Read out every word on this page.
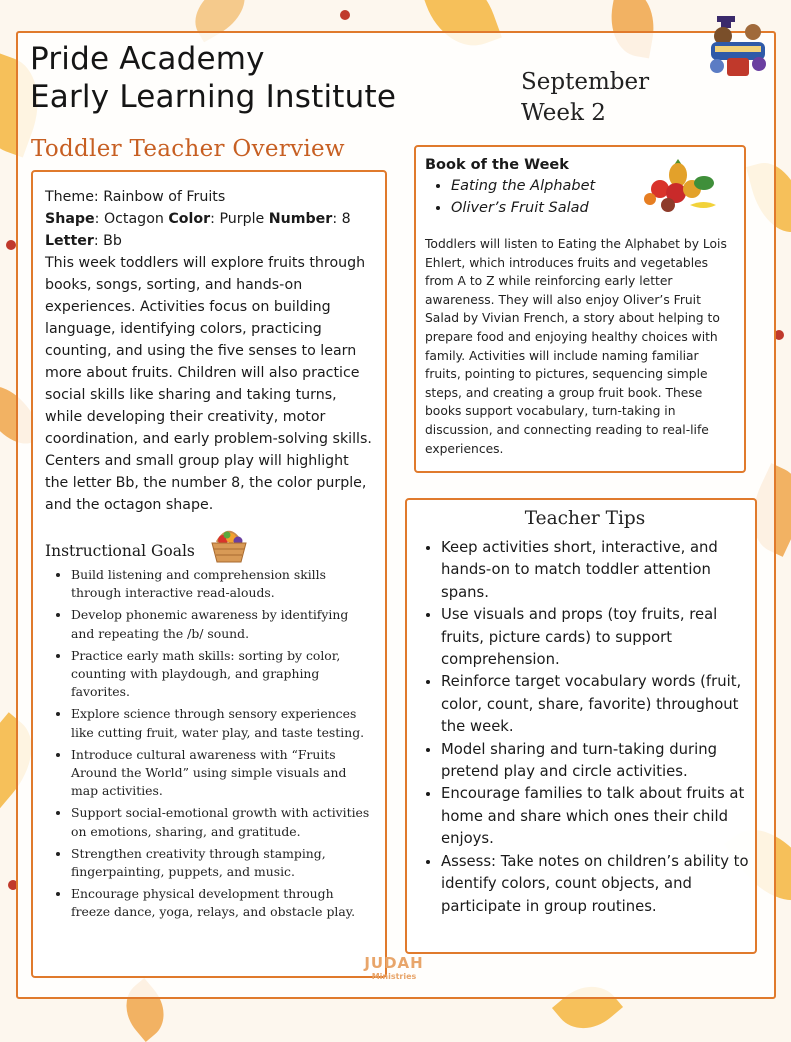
Pride Academy
Early Learning Institute	September
Week 2
Toddler Teacher Overview

Theme: Rainbow of Fruits

Shape: Octagon Color: Purple Number: 8

Letter: Bb

This week toddlers will explore fruits through books, songs, sorting, and hands-on experiences. Activities focus on building language, identifying colors, practicing counting, and using the five senses to learn more about fruits. Children will also practice social skills like sharing and taking turns, while developing their creativity, motor coordination, and early problem-solving skills.

Centers and small group play will highlight the letter Bb, the number 8, the color purple, and the octagon shape.

Instructional Goals
• Build listening and comprehension skills through interactive read-alouds.
• Develop phonemic awareness by identifying and repeating the /b/ sound.
• Practice early math skills: sorting by color, counting with playdough, and graphing favorites.
• Explore science through sensory experiences like cutting fruit, water play, and taste testing.
• Introduce cultural awareness with “Fruits Around the World” using simple visuals and map activities.
• Support social-emotional growth with activities on emotions, sharing, and gratitude.
• Strengthen creativity through stamping, fingerpainting, puppets, and music.
• Encourage physical development through freeze dance, yoga, relays, and obstacle play.

Book of the Week

• Eating the Alphabet
• Oliver’s Fruit Salad

Toddlers will listen to Eating the Alphabet by Lois Ehlert, which introduces fruits and vegetables from A to Z while reinforcing early letter awareness. They will also enjoy Oliver’s Fruit Salad by Vivian French, a story about helping to prepare food and enjoying healthy choices with family. Activities will include naming familiar fruits, pointing to pictures, sequencing simple steps, and creating a group fruit book. These books support vocabulary, turn-taking in discussion, and connecting reading to real-life experiences.

Teacher Tips
• Keep activities short, interactive, and hands-on to match toddler attention spans.
• Use visuals and props (toy fruits, real fruits, picture cards) to support comprehension.
• Reinforce target vocabulary words (fruit, color, count, share, favorite) throughout the week.
• Model sharing and turn-taking during pretend play and circle activities.
• Encourage families to talk about fruits at home and share which ones their child enjoys.
• Assess: Take notes on children’s ability to identify colors, count objects, and participate in group routines.
JUDAH
Ministries
